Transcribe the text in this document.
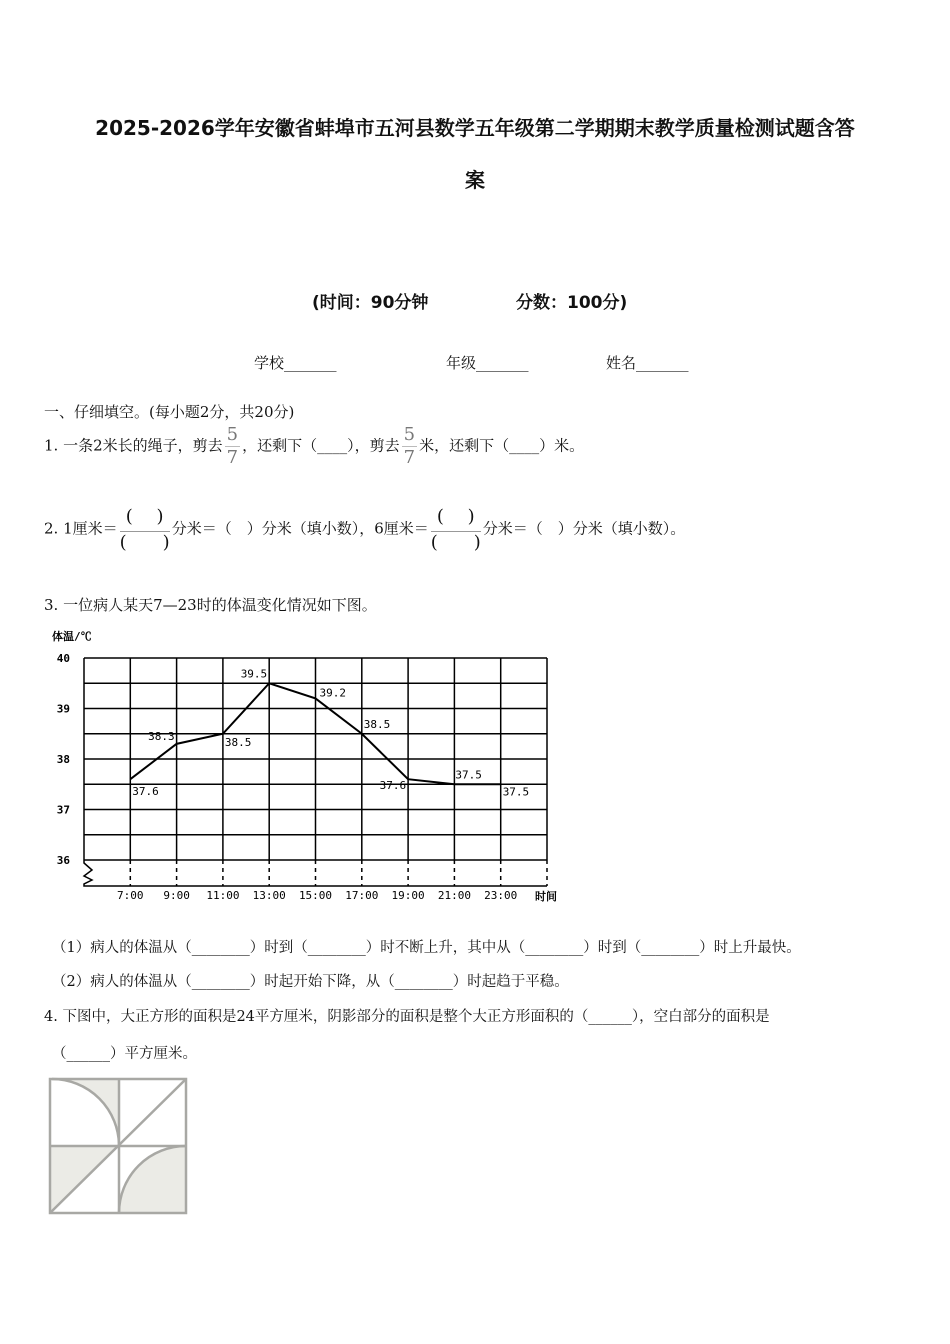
2025-2026学年安徽省蚌埠市五河县数学五年级第二学期期末教学质量检测试题含答
案
(时间：90分钟	分数：100分)
学校_______	年级_______	姓名_______
一、仔细填空。(每小题2分，共20分)
1. 一条2米长的绳子，剪去 $\frac{5}{7}$ ，还剩下（____），剪去 $\frac{5}{7}$ 米，还剩下（____）米。
2. 1厘米＝
(　 )
(　　)
分米＝（　）分米（填小数），6厘米＝
(　 )
(　　)
分米＝（　）分米（填小数）。
3. 一位病人某天7—23时的体温变化情况如下图。
36
37
38
39
40
体温/℃
时间
7:00 9:00 11:00 13:00 15:00 17:00 19:00 21:00 23:00
37.6
38.3	38.5
39.5
39.2
38.5
37.6
37.5
37.5
（1）病人的体温从（________）时到（________）时不断上升，其中从（________）时到（________）时上升最快。
（2）病人的体温从（________）时起开始下降，从（________）时起趋于平稳。
4. 下图中，大正方形的面积是24平方厘米，阴影部分的面积是整个大正方形面积的（______），空白部分的面积是
（______）平方厘米。
